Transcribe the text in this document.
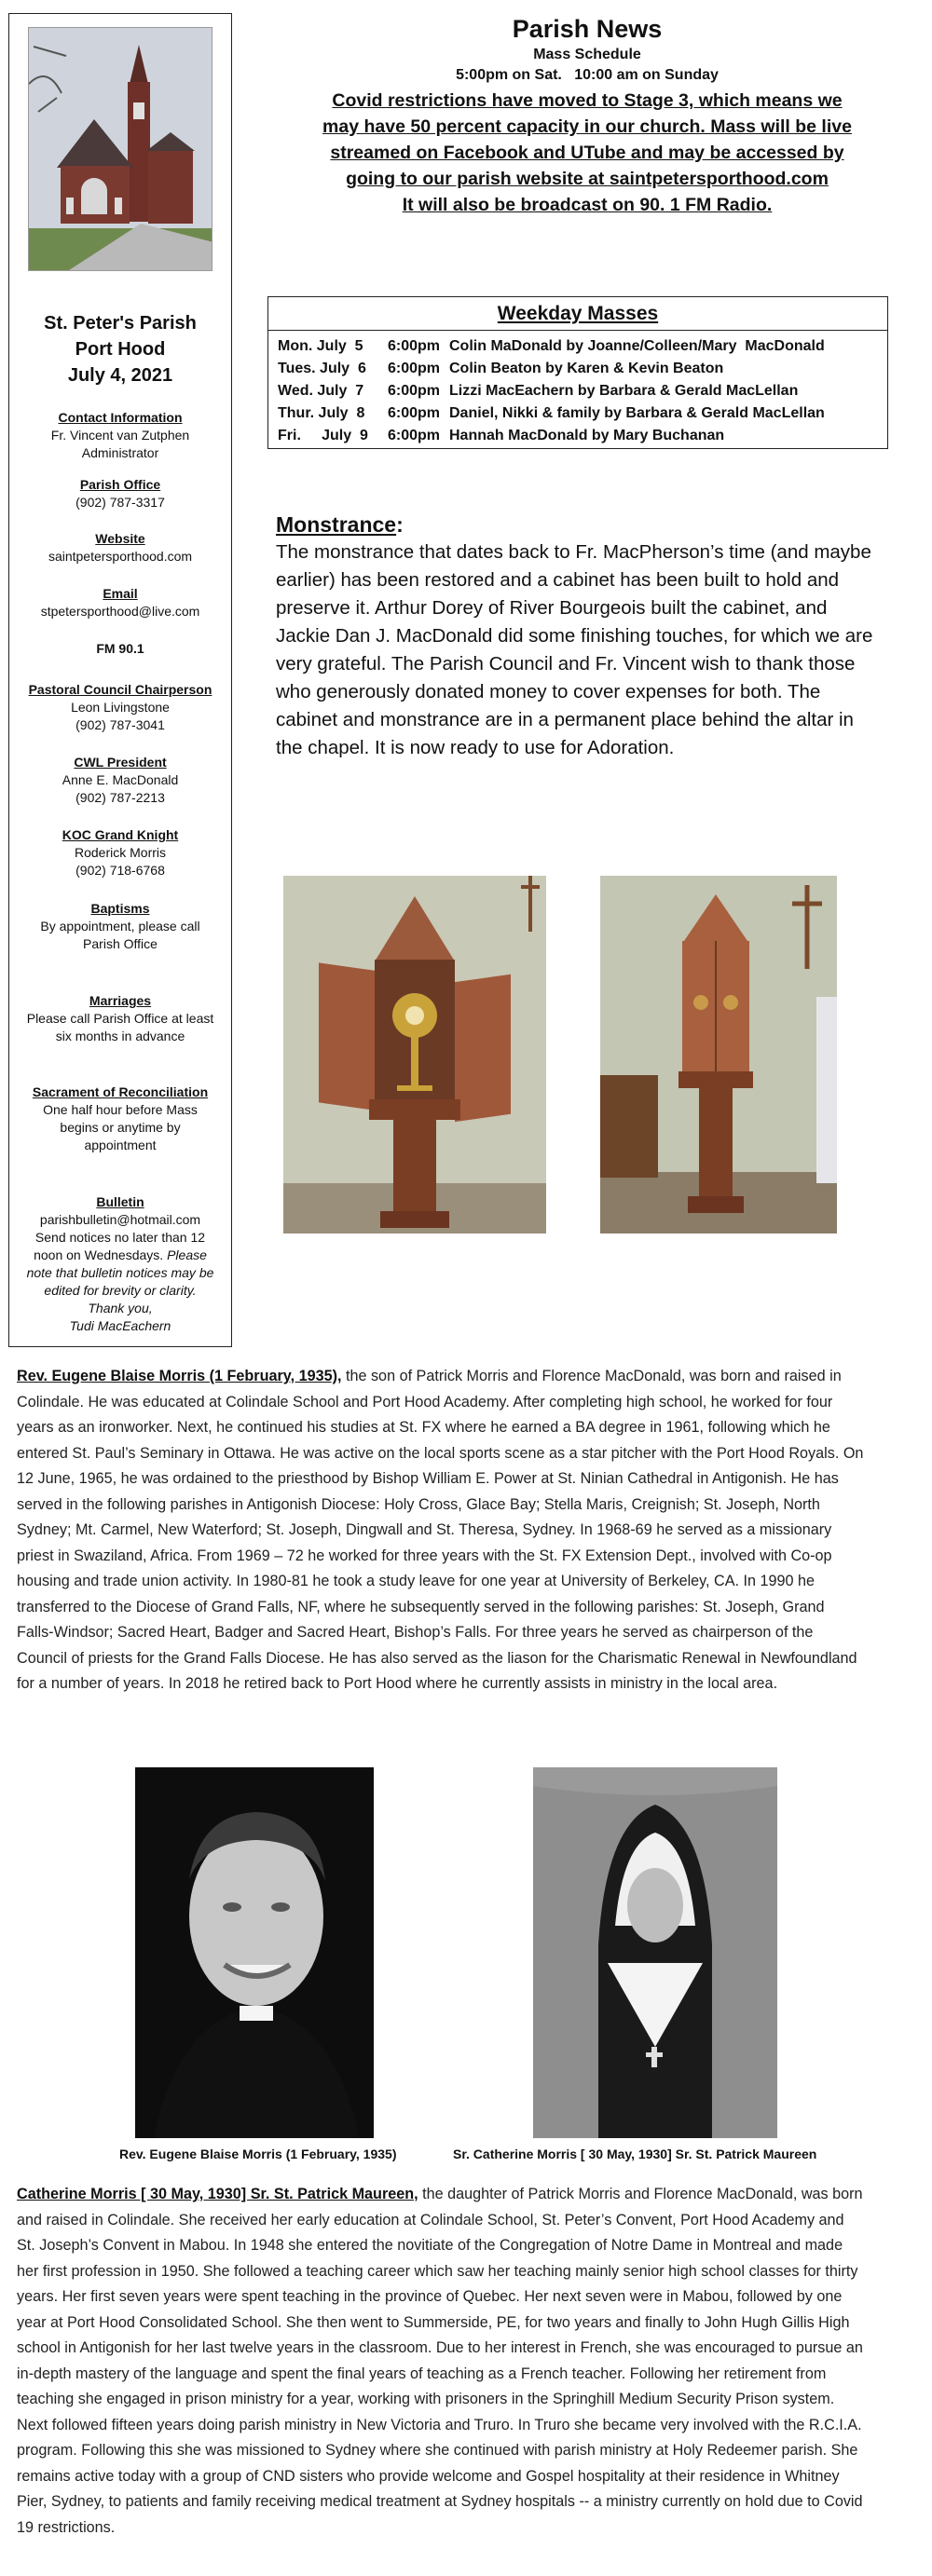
St. Peter's Parish
Port Hood
July 4, 2021
Contact Information
Fr. Vincent van Zutphen
Administrator
Parish Office
(902) 787-3317
Website
saintpetersporthood.com
Email
stpetersporthood@live.com
FM 90.1
Pastoral Council Chairperson
Leon Livingstone
(902) 787-3041
CWL President
Anne E. MacDonald
(902) 787-2213
KOC Grand Knight
Roderick Morris
(902) 718-6768
Baptisms
By appointment, please call
Parish Office
Marriages
Please call Parish Office at least
six months in advance
Sacrament of Reconciliation
One half hour before Mass
begins or anytime by
appointment
Bulletin
parishbulletin@hotmail.com
Send notices no later than 12
noon on Wednesdays. Please
note that bulletin notices may be
edited for brevity or clarity.
Thank you,
Tudi MacEachern
Parish News
Mass Schedule
5:00pm on Sat.   10:00 am on Sunday
Covid restrictions have moved to Stage 3, which means we
may have 50 percent capacity in our church. Mass will be live
streamed on Facebook and UTube and may be accessed by
going to our parish website at saintpetersporthood.com
It will also be broadcast on 90. 1 FM Radio.
Weekday Masses
Mon. July  5	6:00pm Colin MaDonald by Joanne/Colleen/Mary  MacDonald
Tues. July  6	6:00pm Colin Beaton by Karen & Kevin Beaton
Wed. July  7	6:00pm Lizzi MacEachern by Barbara & Gerald MacLellan
Thur. July  8	6:00pm Daniel, Nikki & family by Barbara & Gerald MacLellan
Fri.     July  9	6:00pm Hannah MacDonald by Mary Buchanan
Monstrance:
The monstrance that dates back to Fr. MacPherson’s time (and maybe earlier) has been restored and a cabinet has been built to hold and preserve it. Arthur Dorey of River Bourgeois built the cabinet, and Jackie Dan J. MacDonald did some finishing touches, for which we are very grateful. The Parish Council and Fr. Vincent wish to thank those who generously donated money to cover expenses for both. The cabinet and monstrance are in a permanent place behind the altar in the chapel. It is now ready to use for Adoration.
Rev. Eugene Blaise Morris (1 February, 1935), the son of Patrick Morris and Florence MacDonald, was born and raised in Colindale. He was educated at Colindale School and Port Hood Academy. After completing high school, he worked for four years as an ironworker. Next, he continued his studies at St. FX where he earned a BA degree in 1961, following which he entered St. Paul’s Seminary in Ottawa. He was active on the local sports scene as a star pitcher with the Port Hood Royals. On 12 June, 1965, he was ordained to the priesthood by Bishop William E. Power at St. Ninian Cathedral in Antigonish. He has served in the following parishes in Antigonish Diocese: Holy Cross, Glace Bay; Stella Maris, Creignish; St. Joseph, North Sydney; Mt. Carmel, New Waterford; St. Joseph, Dingwall and St. Theresa, Sydney. In 1968-69 he served as a missionary priest in Swaziland, Africa. From 1969 – 72 he worked for three years with the St. FX Extension Dept., involved with Co-op housing and trade union activity. In 1980-81 he took a study leave for one year at University of Berkeley, CA. In 1990 he transferred to the Diocese of Grand Falls, NF, where he subsequently served in the following parishes: St. Joseph, Grand Falls-Windsor; Sacred Heart, Badger and Sacred Heart, Bishop’s Falls. For three years he served as chairperson of the Council of priests for the Grand Falls Diocese. He has also served as the liason for the Charismatic Renewal in Newfoundland for a number of years. In 2018 he retired back to Port Hood where he currently assists in ministry in the local area.
Rev. Eugene Blaise Morris (1 February, 1935)	Sr. Catherine Morris [ 30 May, 1930] Sr. St. Patrick Maureen
Catherine Morris [ 30 May, 1930] Sr. St. Patrick Maureen, the daughter of Patrick Morris and Florence MacDonald, was born and raised in Colindale. She received her early education at Colindale School, St. Peter’s Convent, Port Hood Academy and St. Joseph’s Convent in Mabou. In 1948 she entered the novitiate of the Congregation of Notre Dame in Montreal and made her first profession in 1950. She followed a teaching career which saw her teaching mainly senior high school classes for thirty years. Her first seven years were spent teaching in the province of Quebec. Her next seven were in Mabou, followed by one year at Port Hood Consolidated School. She then went to Summerside, PE, for two years and finally to John Hugh Gillis High school in Antigonish for her last twelve years in the classroom. Due to her interest in French, she was encouraged to pursue an in-depth mastery of the language and spent the final years of teaching as a French teacher. Following her retirement from teaching she engaged in prison ministry for a year, working with prisoners in the Springhill Medium Security Prison system. Next followed fifteen years doing parish ministry in New Victoria and Truro. In Truro she became very involved with the R.C.I.A. program. Following this she was missioned to Sydney where she continued with parish ministry at Holy Redeemer parish. She remains active today with a group of CND sisters who provide welcome and Gospel hospitality at their residence in Whitney Pier, Sydney, to patients and family receiving medical treatment at Sydney hospitals -- a ministry currently on hold due to Covid 19 restrictions.
